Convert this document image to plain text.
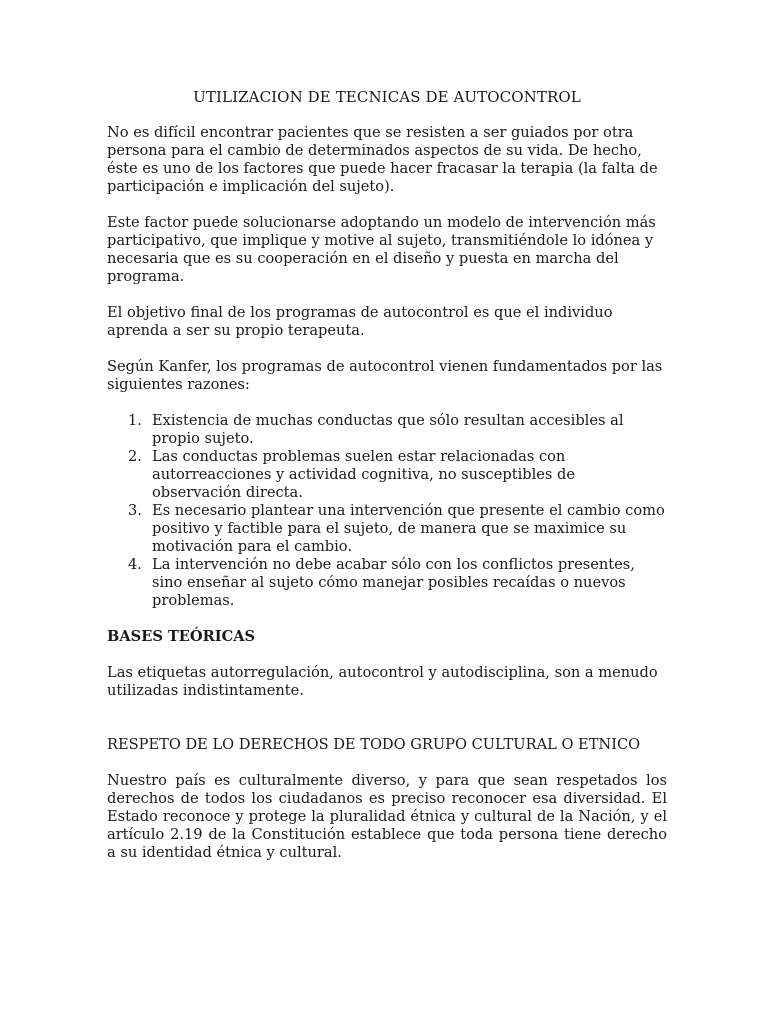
UTILIZACION DE TECNICAS DE AUTOCONTROL

No es difícil encontrar pacientes que se resisten a ser guiados por otra persona para el cambio de determinados aspectos de su vida. De hecho, éste es uno de los factores que puede hacer fracasar la terapia (la falta de participación e implicación del sujeto).

Este factor puede solucionarse adoptando un modelo de intervención más participativo, que implique y motive al sujeto, transmitiéndole lo idónea y necesaria que es su cooperación en el diseño y puesta en marcha del programa.

El objetivo final de los programas de autocontrol es que el individuo aprenda a ser su propio terapeuta.

Según Kanfer, los programas de autocontrol vienen fundamentados por las siguientes razones:

1. Existencia de muchas conductas que sólo resultan accesibles al propio sujeto.
2. Las conductas problemas suelen estar relacionadas con autorreacciones y actividad cognitiva, no susceptibles de observación directa.
3. Es necesario plantear una intervención que presente el cambio como positivo y factible para el sujeto, de manera que se maximice su motivación para el cambio.
4. La intervención no debe acabar sólo con los conflictos presentes, sino enseñar al sujeto cómo manejar posibles recaídas o nuevos problemas.
BASES TEÓRICAS

Las etiquetas autorregulación, autocontrol y autodisciplina, son a menudo utilizadas indistintamente.

RESPETO DE LO DERECHOS DE TODO GRUPO CULTURAL O ETNICO

Nuestro país es culturalmente diverso, y para que sean respetados los derechos de todos los ciudadanos es preciso reconocer esa diversidad. El Estado reconoce y protege la pluralidad étnica y cultural de la Nación, y el artículo 2.19 de la Constitución establece que toda persona tiene derecho a su identidad étnica y cultural.
